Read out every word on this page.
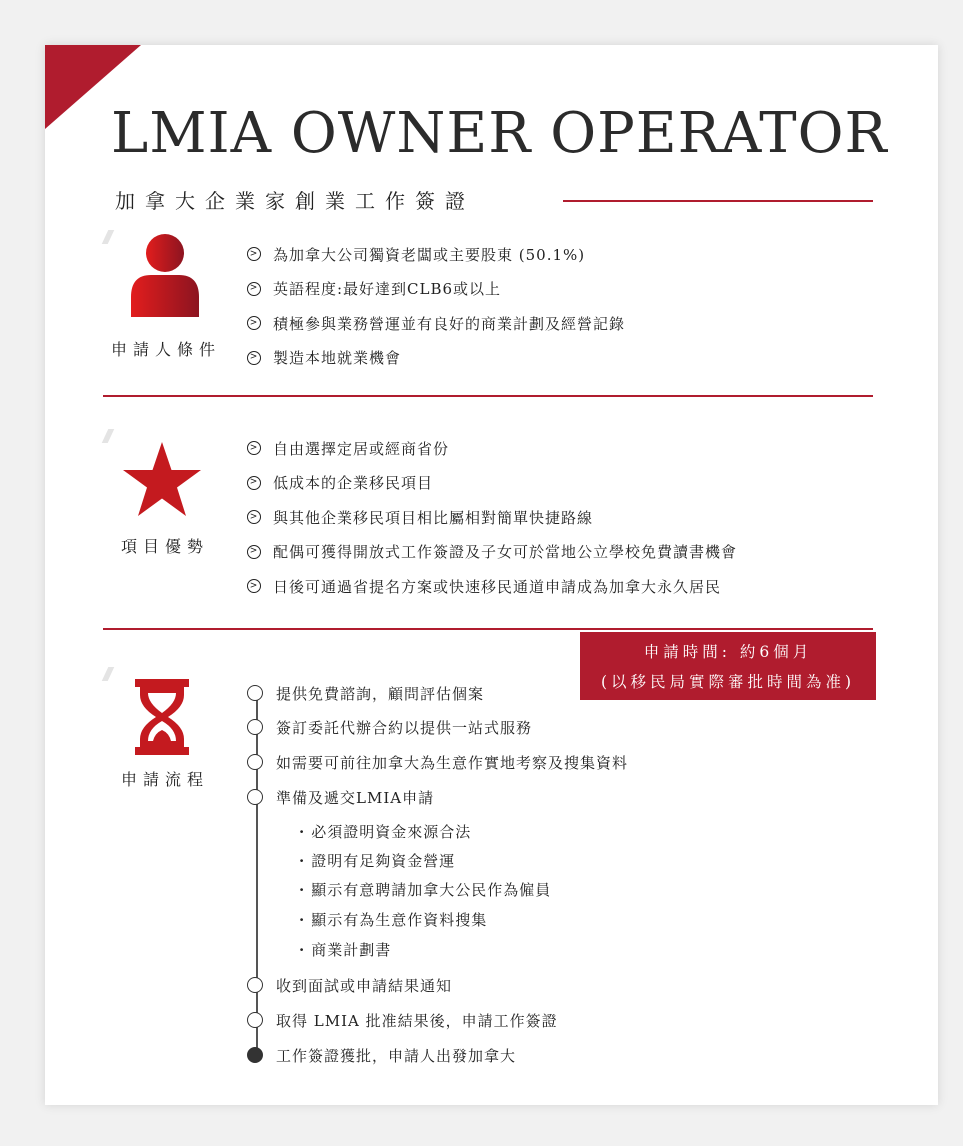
LMIA OWNER OPERATOR
加拿大企業家創業工作簽證
申請人條件
> 為加拿大公司獨資老闆或主要股東 (50.1%)
> 英語程度:最好達到CLB6或以上
> 積極參與業務營運並有良好的商業計劃及經營記錄
> 製造本地就業機會
項目優勢
> 自由選擇定居或經商省份
> 低成本的企業移民項目
> 與其他企業移民項目相比屬相對簡單快捷路線
> 配偶可獲得開放式工作簽證及子女可於當地公立學校免費讀書機會
> 日後可通過省提名方案或快速移民通道申請成為加拿大永久居民
申請時間: 約6個月
(以移民局實際審批時間為准)
申請流程
提供免費諮詢，顧問評估個案
簽訂委託代辦合約以提供一站式服務
如需要可前往加拿大為生意作實地考察及搜集資料
準備及遞交LMIA申請
· 必須證明資金來源合法
· 證明有足夠資金營運
· 顯示有意聘請加拿大公民作為僱員
· 顯示有為生意作資料搜集
· 商業計劃書
收到面試或申請結果通知
取得 LMIA 批准結果後，申請工作簽證
工作簽證獲批，申請人出發加拿大
